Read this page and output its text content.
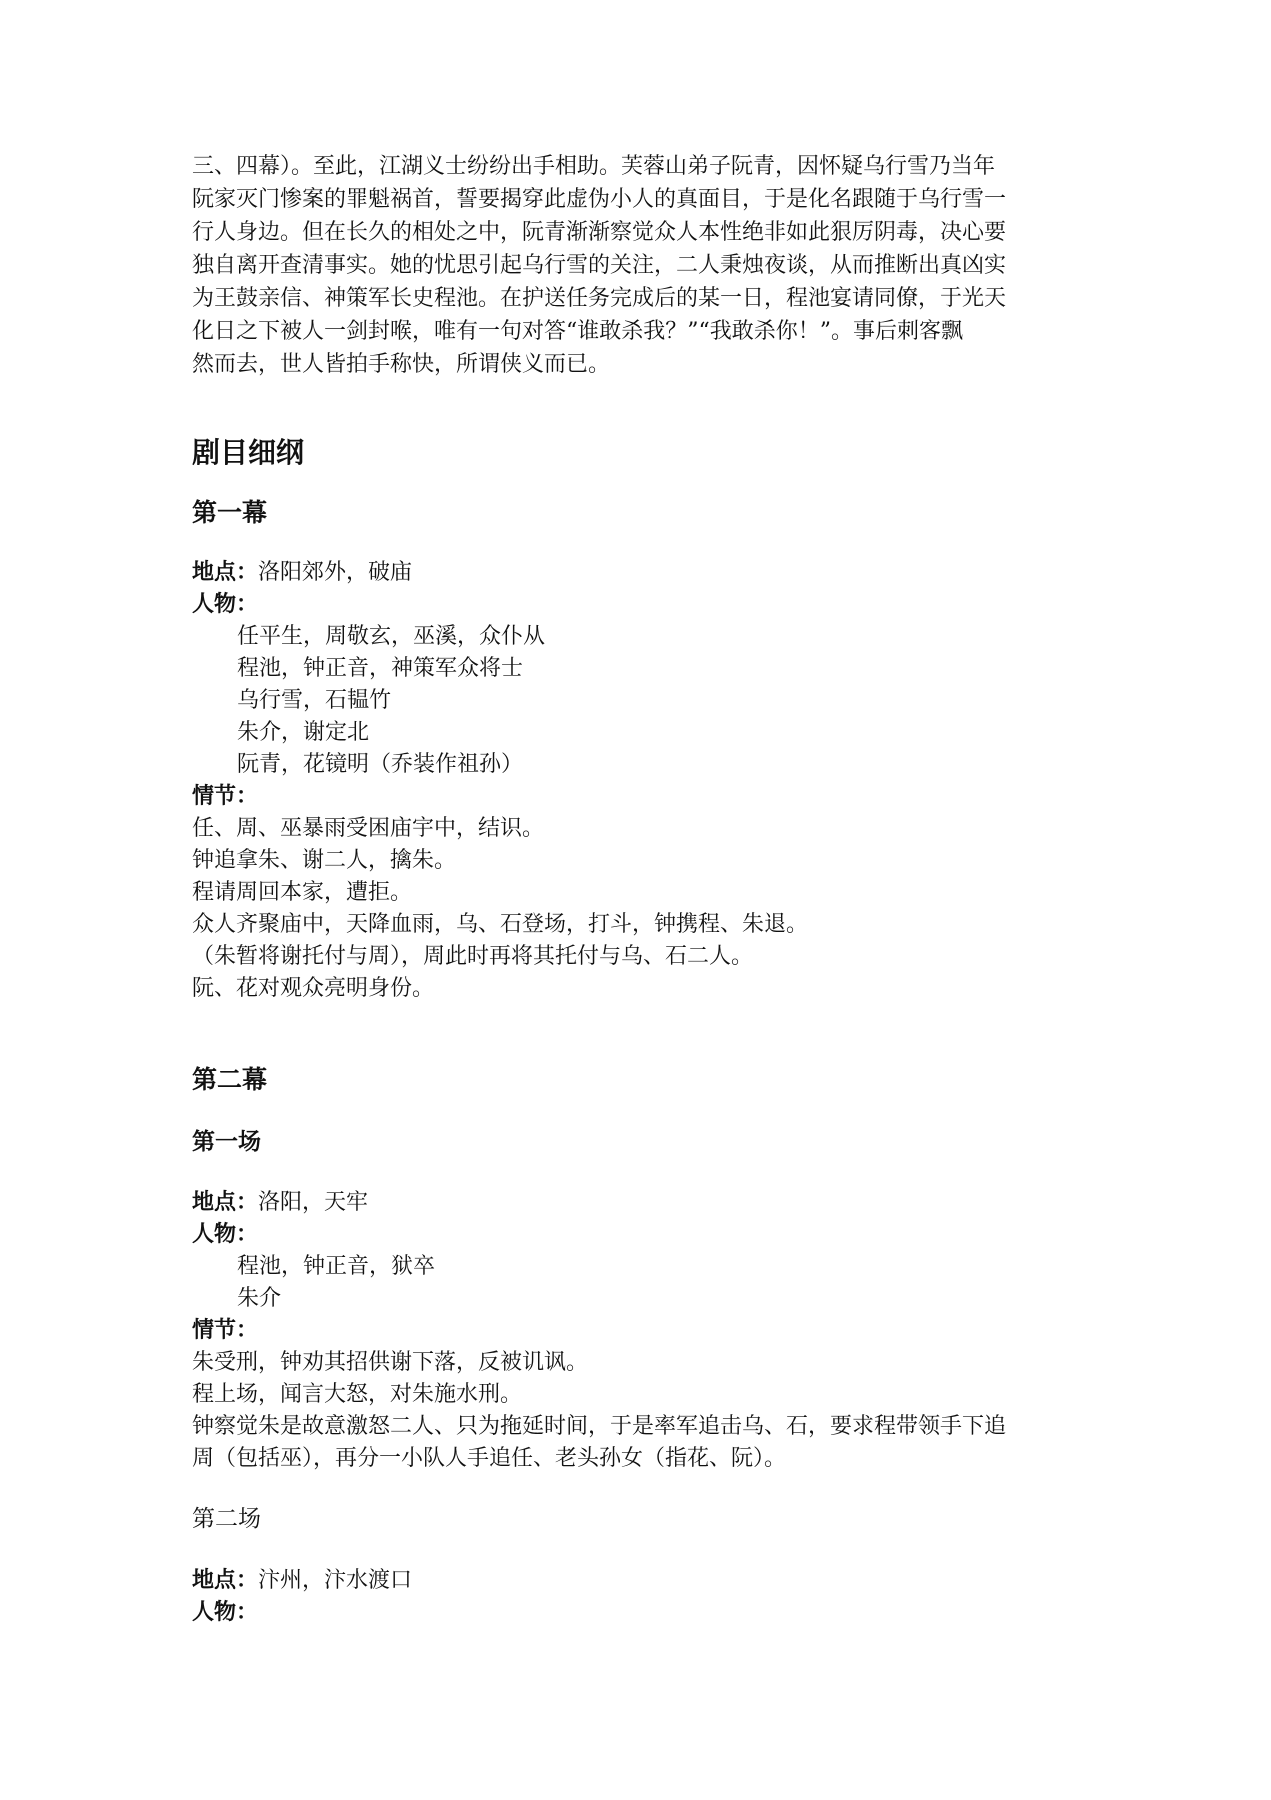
三、四幕）。至此，江湖义士纷纷出手相助。芙蓉山弟子阮青，因怀疑乌行雪乃当年

阮家灭门惨案的罪魁祸首，誓要揭穿此虚伪小人的真面目，于是化名跟随于乌行雪一

行人身边。但在长久的相处之中，阮青渐渐察觉众人本性绝非如此狠厉阴毒，决心要

独自离开查清事实。她的忧思引起乌行雪的关注，二人秉烛夜谈，从而推断出真凶实

为王鼓亲信、神策军长史程池。在护送任务完成后的某一日，程池宴请同僚，于光天

化日之下被人一剑封喉，唯有一句对答“谁敢杀我？”“我敢杀你！”。事后刺客飘

然而去，世人皆拍手称快，所谓侠义而已。

剧目细纲
第一幕

地点：洛阳郊外，破庙

人物：

任平生，周敬玄，巫溪，众仆从

程池，钟正音，神策军众将士

乌行雪，石韫竹

朱介，谢定北

阮青，花镜明（乔装作祖孙）

情节：

任、周、巫暴雨受困庙宇中，结识。

钟追拿朱、谢二人，擒朱。

程请周回本家，遭拒。

众人齐聚庙中，天降血雨，乌、石登场，打斗，钟携程、朱退。

（朱暂将谢托付与周），周此时再将其托付与乌、石二人。

阮、花对观众亮明身份。

第二幕
第一场

地点：洛阳，天牢

人物：

程池，钟正音，狱卒

朱介

情节：

朱受刑，钟劝其招供谢下落，反被讥讽。

程上场，闻言大怒，对朱施水刑。

钟察觉朱是故意激怒二人、只为拖延时间，于是率军追击乌、石，要求程带领手下追

周（包括巫），再分一小队人手追任、老头孙女（指花、阮）。

第二场

地点：汴州，汴水渡口

人物：
